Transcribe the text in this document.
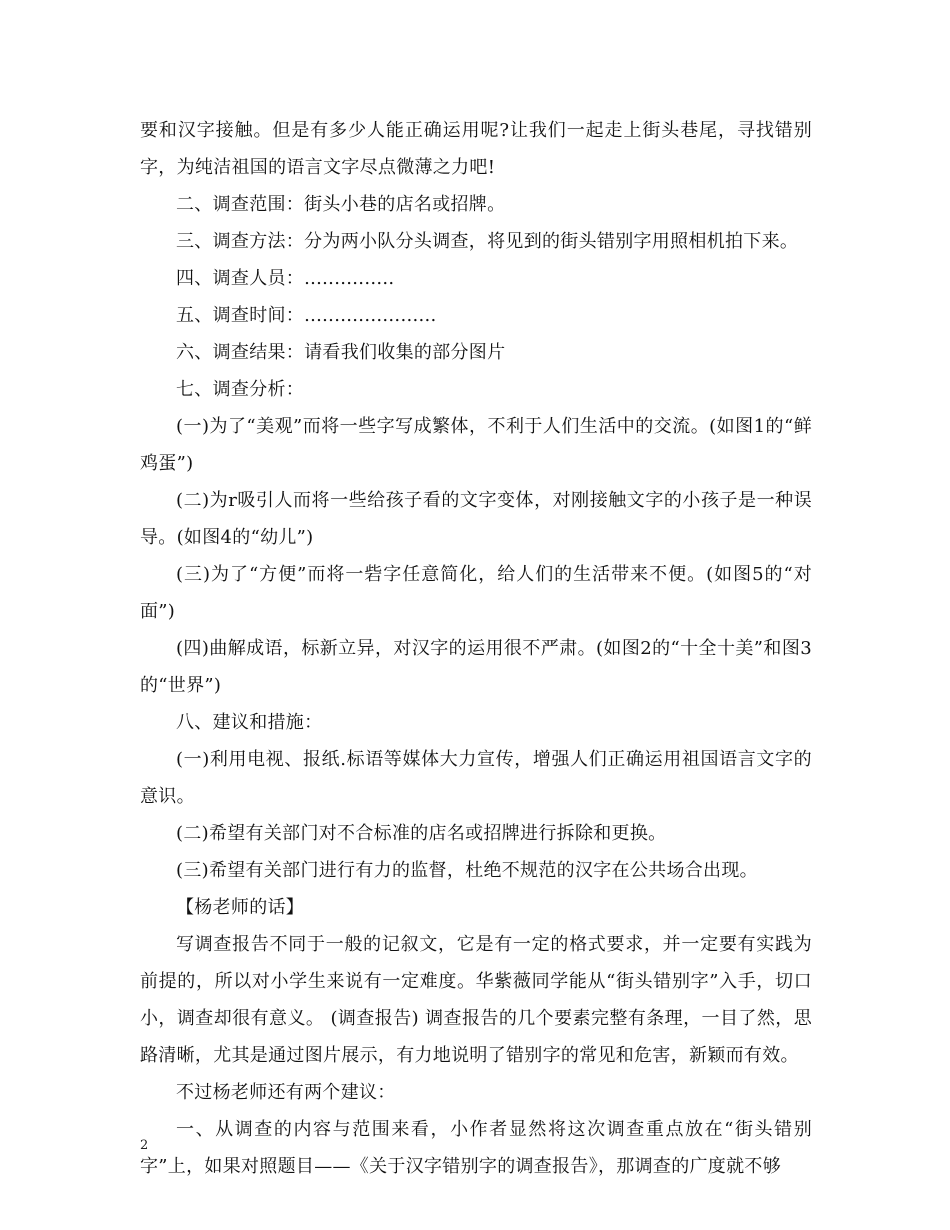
要和汉字接触。但是有多少人能正确运用呢?让我们一起走上街头巷尾，寻找错别字，为纯洁祖国的语言文字尽点微薄之力吧!

二、调查范围：街头小巷的店名或招牌。

三、调查方法：分为两小队分头调查，将见到的街头错别字用照相机拍下来。

四、调查人员：...............

五、调查时间：......................

六、调查结果：请看我们收集的部分图片

七、调查分析：

(一)为了“美观”而将一些字写成繁体，不利于人们生活中的交流。(如图1的“鲜鸡蛋”)

(二)为r吸引人而将一些给孩子看的文字变体，对刚接触文字的小孩子是一种误导。(如图4的“幼儿”)

(三)为了“方便”而将一砦字任意简化，给人们的生活带来不便。(如图5的“对面”)

(四)曲解成语，标新立异，对汉字的运用很不严肃。(如图2的“十全十美”和图3的“世界”)

八、建议和措施：

(一)利用电视、报纸.标语等媒体大力宣传，增强人们正确运用祖国语言文字的意识。

(二)希望有关部门对不合标准的店名或招牌进行拆除和更换。

(三)希望有关部门进行有力的监督，杜绝不规范的汉字在公共场合出现。

【杨老师的话】

写调查报告不同于一般的记叙文，它是有一定的格式要求，并一定要有实践为前提的，所以对小学生来说有一定难度。华紫薇同学能从“街头错别字”入手，切口小，调查却很有意义。 (调查报告) 调查报告的几个要素完整有条理，一目了然，思路清晰，尤其是通过图片展示，有力地说明了错别字的常见和危害，新颖而有效。

不过杨老师还有两个建议：

一、从调查的内容与范围来看，小作者显然将这次调查重点放在“街头错别字”上，如果对照题目——《关于汉字错别字的调查报告》，那调查的广度就不够

2
